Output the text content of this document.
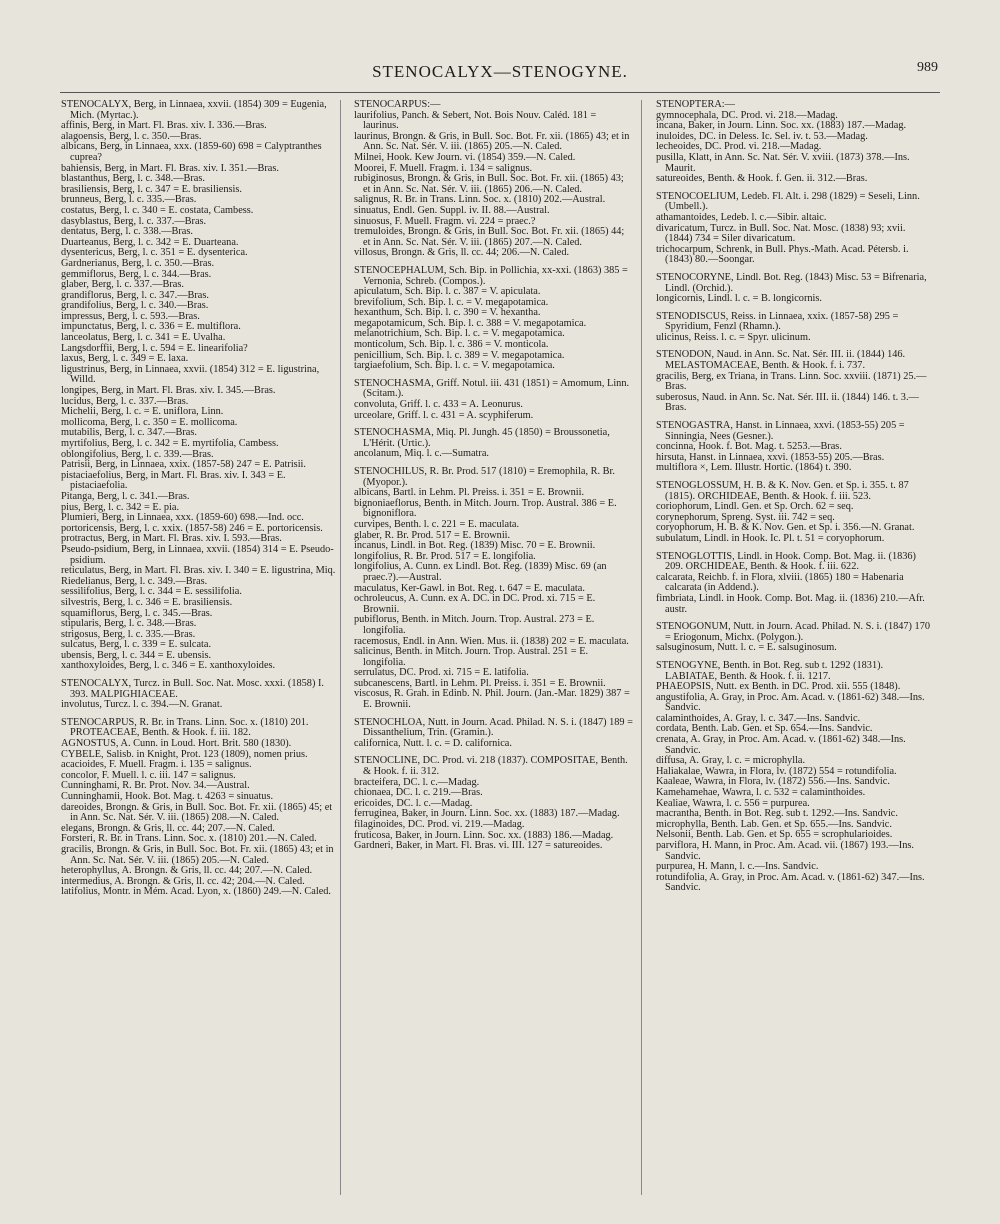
STENOCALYX—STENOGYNE.	989
STENOCALYX, Berg, in Linnaea, xxvii. (1854) 309 = Eugenia, Mich. (Myrtac.).
affinis, Berg, in Mart. Fl. Bras. xiv. I. 336.—Bras.
alagoensis, Berg, l. c. 350.—Bras.
albicans, Berg, in Linnaea, xxx. (1859-60) 698 = Calyptranthes cuprea?
bahiensis, Berg, in Mart. Fl. Bras. xiv. I. 351.—Bras.
blastanthus, Berg, l. c. 348.—Bras.
brasiliensis, Berg, l. c. 347 = E. brasiliensis.
brunneus, Berg, l. c. 335.—Bras.
costatus, Berg, l. c. 340 = E. costata, Cambess.
dasyblastus, Berg, l. c. 337.—Bras.
dentatus, Berg, l. c. 338.—Bras.
Duarteanus, Berg, l. c. 342 = E. Duarteana.
dysentericus, Berg, l. c. 351 = E. dysenterica.
Gardnerianus, Berg, l. c. 350.—Bras.
gemmiflorus, Berg, l. c. 344.—Bras.
glaber, Berg, l. c. 337.—Bras.
grandiflorus, Berg, l. c. 347.—Bras.
grandifolius, Berg, l. c. 340.—Bras.
impressus, Berg, l. c. 593.—Bras.
impunctatus, Berg, l. c. 336 = E. multiflora.
lanceolatus, Berg, l. c. 341 = E. Uvalha.
Langsdorffii, Berg, l. c. 594 = E. linearifolia?
laxus, Berg, l. c. 349 = E. laxa.
ligustrinus, Berg, in Linnaea, xxvii. (1854) 312 = E. ligustrina, Willd.
longipes, Berg, in Mart. Fl. Bras. xiv. I. 345.—Bras.
lucidus, Berg, l. c. 337.—Bras.
Michelii, Berg, l. c. = E. uniflora, Linn.
mollicoma, Berg, l. c. 350 = E. mollicoma.
mutabilis, Berg, l. c. 347.—Bras.
myrtifolius, Berg, l. c. 342 = E. myrtifolia, Cambess.
oblongifolius, Berg, l. c. 339.—Bras.
Patrisii, Berg, in Linnaea, xxix. (1857-58) 247 = E. Patrisii.
pistaciaefolius, Berg, in Mart. Fl. Bras. xiv. I. 343 = E. pistaciaefolia.
Pitanga, Berg, l. c. 341.—Bras.
pius, Berg, l. c. 342 = E. pia.
Plumieri, Berg, in Linnaea, xxx. (1859-60) 698.—Ind. occ.
portoricensis, Berg, l. c. xxix. (1857-58) 246 = E. portoricensis.
protractus, Berg, in Mart. Fl. Bras. xiv. I. 593.—Bras.
Pseudo-psidium, Berg, in Linnaea, xxvii. (1854) 314 = E. Pseudo-psidium.
reticulatus, Berg, in Mart. Fl. Bras. xiv. I. 340 = E. ligustrina, Miq.
Riedelianus, Berg, l. c. 349.—Bras.
sessilifolius, Berg, l. c. 344 = E. sessilifolia.
silvestris, Berg, l. c. 346 = E. brasiliensis.
squamiflorus, Berg, l. c. 345.—Bras.
stipularis, Berg, l. c. 348.—Bras.
strigosus, Berg, l. c. 335.—Bras.
sulcatus, Berg, l. c. 339 = E. sulcata.
ubensis, Berg, l. c. 344 = E. ubensis.
xanthoxyloides, Berg, l. c. 346 = E. xanthoxyloides.
STENOCALYX, Turcz. in Bull. Soc. Nat. Mosc. xxxi. (1858) I. 393. MALPIGHIACEAE.
involutus, Turcz. l. c. 394.—N. Granat.
STENOCARPUS, R. Br. in Trans. Linn. Soc. x. (1810) 201. PROTEACEAE, Benth. & Hook. f. iii. 182.
AGNOSTUS, A. Cunn. in Loud. Hort. Brit. 580 (1830).
CYBELE, Salisb. in Knight, Prot. 123 (1809), nomen prius.
acacioides, F. Muell. Fragm. i. 135 = salignus.
concolor, F. Muell. l. c. iii. 147 = salignus.
Cunninghami, R. Br. Prot. Nov. 34.—Austral.
Cunninghamii, Hook. Bot. Mag. t. 4263 = sinuatus.
dareoides, Brongn. & Gris, in Bull. Soc. Bot. Fr. xii. (1865) 45; et in Ann. Sc. Nat. Sér. V. iii. (1865) 208.—N. Caled.
elegans, Brongn. & Gris, ll. cc. 44; 207.—N. Caled.
Forsteri, R. Br. in Trans. Linn. Soc. x. (1810) 201.—N. Caled.
gracilis, Brongn. & Gris, in Bull. Soc. Bot. Fr. xii. (1865) 43; et in Ann. Sc. Nat. Sér. V. iii. (1865) 205.—N. Caled.
heterophyllus, A. Brongn. & Gris, ll. cc. 44; 207.—N. Caled.
intermedius, A. Brongn. & Gris, ll. cc. 42; 204.—N. Caled.
latifolius, Montr. in Mém. Acad. Lyon, x. (1860) 249.—N. Caled.
STENOCARPUS:—
laurifolius, Panch. & Sebert, Not. Bois Nouv. Caléd. 181 = laurinus.
laurinus, Brongn. & Gris, in Bull. Soc. Bot. Fr. xii. (1865) 43; et in Ann. Sc. Nat. Sér. V. iii. (1865) 205.—N. Caled.
Milnei, Hook. Kew Journ. vi. (1854) 359.—N. Caled.
Moorei, F. Muell. Fragm. i. 134 = salignus.
rubiginosus, Brongn. & Gris, in Bull. Soc. Bot. Fr. xii. (1865) 43; et in Ann. Sc. Nat. Sér. V. iii. (1865) 206.—N. Caled.
salignus, R. Br. in Trans. Linn. Soc. x. (1810) 202.—Austral.
sinuatus, Endl. Gen. Suppl. iv. II. 88.—Austral.
sinuosus, F. Muell. Fragm. vi. 224 = praec.?
tremuloides, Brongn. & Gris, in Bull. Soc. Bot. Fr. xii. (1865) 44; et in Ann. Sc. Nat. Sér. V. iii. (1865) 207.—N. Caled.
villosus, Brongn. & Gris, ll. cc. 44; 206.—N. Caled.
STENOCEPHALUM, Sch. Bip. in Pollichia, xx-xxi. (1863) 385 = Vernonia, Schreb. (Compos.).
apiculatum, Sch. Bip. l. c. 387 = V. apiculata.
brevifolium, Sch. Bip. l. c. = V. megapotamica.
hexanthum, Sch. Bip. l. c. 390 = V. hexantha.
megapotamicum, Sch. Bip. l. c. 388 = V. megapotamica.
melanotrichium, Sch. Bip. l. c. = V. megapotamica.
monticolum, Sch. Bip. l. c. 386 = V. monticola.
penicillium, Sch. Bip. l. c. 389 = V. megapotamica.
targiaefolium, Sch. Bip. l. c. = V. megapotamica.
STENOCHASMA, Griff. Notul. iii. 431 (1851) = Amomum, Linn. (Scitam.).
convoluta, Griff. l. c. 433 = A. Leonurus.
urceolare, Griff. l. c. 431 = A. scyphiferum.
STENOCHASMA, Miq. Pl. Jungh. 45 (1850) = Broussonetia, L'Hérit. (Urtic.).
ancolanum, Miq. l. c.—Sumatra.
STENOCHILUS, R. Br. Prod. 517 (1810) = Eremophila, R. Br. (Myopor.).
albicans, Bartl. in Lehm. Pl. Preiss. i. 351 = E. Brownii.
bignoniaeflorus, Benth. in Mitch. Journ. Trop. Austral. 386 = E. bignoniflora.
curvipes, Benth. l. c. 221 = E. maculata.
glaber, R. Br. Prod. 517 = E. Brownii.
incanus, Lindl. in Bot. Reg. (1839) Misc. 70 = E. Brownii.
longifolius, R. Br. Prod. 517 = E. longifolia.
longifolius, A. Cunn. ex Lindl. Bot. Reg. (1839) Misc. 69 (an praec.?).—Austral.
maculatus, Ker-Gawl. in Bot. Reg. t. 647 = E. maculata.
ochroleucus, A. Cunn. ex A. DC. in DC. Prod. xi. 715 = E. Brownii.
pubiflorus, Benth. in Mitch. Journ. Trop. Austral. 273 = E. longifolia.
racemosus, Endl. in Ann. Wien. Mus. ii. (1838) 202 = E. maculata.
salicinus, Benth. in Mitch. Journ. Trop. Austral. 251 = E. longifolia.
serrulatus, DC. Prod. xi. 715 = E. latifolia.
subcanescens, Bartl. in Lehm. Pl. Preiss. i. 351 = E. Brownii.
viscosus, R. Grah. in Edinb. N. Phil. Journ. (Jan.-Mar. 1829) 387 = E. Brownii.
STENOCHLOA, Nutt. in Journ. Acad. Philad. N. S. i. (1847) 189 = Dissanthelium, Trin. (Gramin.).
californica, Nutt. l. c. = D. californica.
STENOCLINE, DC. Prod. vi. 218 (1837). COMPOSITAE, Benth. & Hook. f. ii. 312.
bracteifera, DC. l. c.—Madag.
chionaea, DC. l. c. 219.—Bras.
ericoides, DC. l. c.—Madag.
ferruginea, Baker, in Journ. Linn. Soc. xx. (1883) 187.—Madag.
filaginoides, DC. Prod. vi. 219.—Madag.
fruticosa, Baker, in Journ. Linn. Soc. xx. (1883) 186.—Madag.
Gardneri, Baker, in Mart. Fl. Bras. vi. III. 127 = satureoides.
STENOPTERA:—
gymnocephala, DC. Prod. vi. 218.—Madag.
incana, Baker, in Journ. Linn. Soc. xx. (1883) 187.—Madag.
inuloides, DC. in Deless. Ic. Sel. iv. t. 53.—Madag.
lecheoides, DC. Prod. vi. 218.—Madag.
pusilla, Klatt, in Ann. Sc. Nat. Sér. V. xviii. (1873) 378.—Ins. Maurit.
satureoides, Benth. & Hook. f. Gen. ii. 312.—Bras.
STENOCOELIUM, Ledeb. Fl. Alt. i. 298 (1829) = Seseli, Linn. (Umbell.).
athamantoides, Ledeb. l. c.—Sibir. altaic.
divaricatum, Turcz. in Bull. Soc. Nat. Mosc. (1838) 93; xvii. (1844) 734 = Siler divaricatum.
trichocarpum, Schrenk, in Bull. Phys.-Math. Acad. Pétersb. i. (1843) 80.—Soongar.
STENOCORYNE, Lindl. Bot. Reg. (1843) Misc. 53 = Bifrenaria, Lindl. (Orchid.).
longicornis, Lindl. l. c. = B. longicornis.
STENODISCUS, Reiss. in Linnaea, xxix. (1857-58) 295 = Spyridium, Fenzl (Rhamn.).
ulicinus, Reiss. l. c. = Spyr. ulicinum.
STENODON, Naud. in Ann. Sc. Nat. Sér. III. ii. (1844) 146. MELASTOMACEAE, Benth. & Hook. f. i. 737.
gracilis, Berg, ex Triana, in Trans. Linn. Soc. xxviii. (1871) 25.—Bras.
suberosus, Naud. in Ann. Sc. Nat. Sér. III. ii. (1844) 146. t. 3.—Bras.
STENOGASTRA, Hanst. in Linnaea, xxvi. (1853-55) 205 = Sinningia, Nees (Gesner.).
concinna, Hook. f. Bot. Mag. t. 5253.—Bras.
hirsuta, Hanst. in Linnaea, xxvi. (1853-55) 205.—Bras.
multiflora ×, Lem. Illustr. Hortic. (1864) t. 390.
STENOGLOSSUM, H. B. & K. Nov. Gen. et Sp. i. 355. t. 87 (1815). ORCHIDEAE, Benth. & Hook. f. iii. 523.
coriophorum, Lindl. Gen. et Sp. Orch. 62 = seq.
corynephorum, Spreng. Syst. iii. 742 = seq.
coryophorum, H. B. & K. Nov. Gen. et Sp. i. 356.—N. Granat.
subulatum, Lindl. in Hook. Ic. Pl. t. 51 = coryophorum.
STENOGLOTTIS, Lindl. in Hook. Comp. Bot. Mag. ii. (1836) 209. ORCHIDEAE, Benth. & Hook. f. iii. 622.
calcarata, Reichb. f. in Flora, xlviii. (1865) 180 = Habenaria calcarata (in Addend.).
fimbriata, Lindl. in Hook. Comp. Bot. Mag. ii. (1836) 210.—Afr. austr.
STENOGONUM, Nutt. in Journ. Acad. Philad. N. S. i. (1847) 170 = Eriogonum, Michx. (Polygon.).
salsuginosum, Nutt. l. c. = E. salsuginosum.
STENOGYNE, Benth. in Bot. Reg. sub t. 1292 (1831). LABIATAE, Benth. & Hook. f. ii. 1217.
PHAEOPSIS, Nutt. ex Benth. in DC. Prod. xii. 555 (1848).
angustifolia, A. Gray, in Proc. Am. Acad. v. (1861-62) 348.—Ins. Sandvic.
calaminthoides, A. Gray, l. c. 347.—Ins. Sandvic.
cordata, Benth. Lab. Gen. et Sp. 654.—Ins. Sandvic.
crenata, A. Gray, in Proc. Am. Acad. v. (1861-62) 348.—Ins. Sandvic.
diffusa, A. Gray, l. c. = microphylla.
Haliakalae, Wawra, in Flora, lv. (1872) 554 = rotundifolia.
Kaaleae, Wawra, in Flora, lv. (1872) 556.—Ins. Sandvic.
Kamehamehae, Wawra, l. c. 532 = calaminthoides.
Kealiae, Wawra, l. c. 556 = purpurea.
macrantha, Benth. in Bot. Reg. sub t. 1292.—Ins. Sandvic.
microphylla, Benth. Lab. Gen. et Sp. 655.—Ins. Sandvic.
Nelsonii, Benth. Lab. Gen. et Sp. 655 = scrophularioides.
parviflora, H. Mann, in Proc. Am. Acad. vii. (1867) 193.—Ins. Sandvic.
purpurea, H. Mann, l. c.—Ins. Sandvic.
rotundifolia, A. Gray, in Proc. Am. Acad. v. (1861-62) 347.—Ins. Sandvic.
